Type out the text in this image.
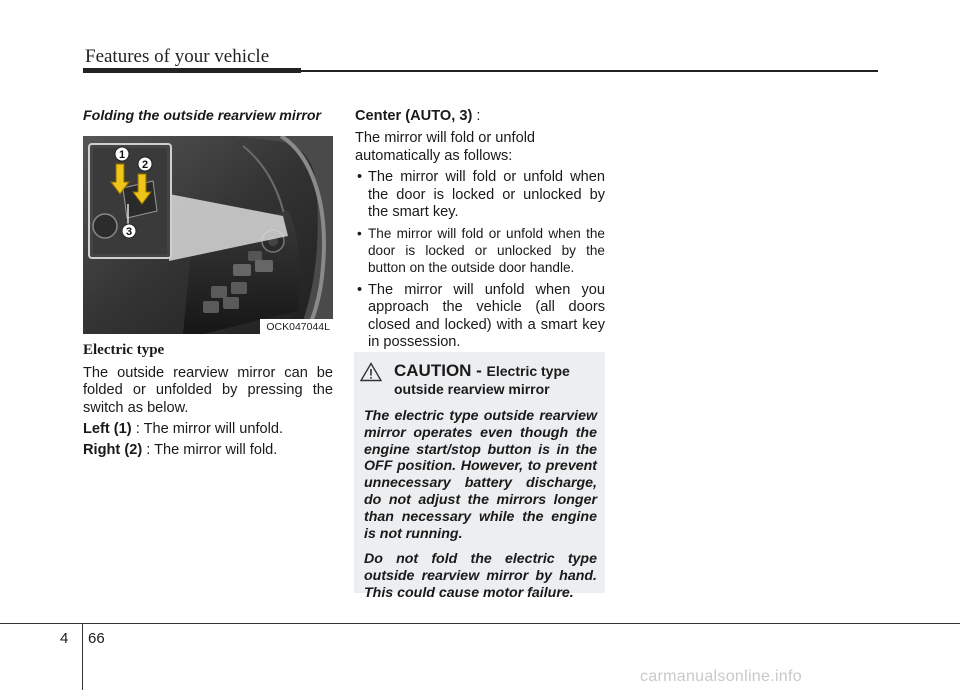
Features of your vehicle
Folding the outside rearview mirror
1
2
3
OCK047044L
Electric type

The outside rearview mirror can be folded or unfolded by pressing the switch as below.

Left (1) : The mirror will unfold.

Right (2) : The mirror will fold.

Center (AUTO, 3) :

The mirror will fold or unfold automatically as follows:

• The mirror will fold or unfold when the door is locked or unlocked by the smart key.
• The mirror will fold or unfold when the door is locked or unlocked by the button on the outside door handle.
• The mirror will unfold when you approach the vehicle (all doors closed and locked) with a smart key in possession.
CAUTION - Electric type
outside rearview mirror

The electric type outside rearview mirror operates even though the engine start/stop button is in the OFF position. However, to prevent unnecessary battery discharge, do not adjust the mirrors longer than necessary while the engine is not running.

Do not fold the electric type outside rearview mirror by hand. This could cause motor failure.

4 66
carmanualsonline.info
